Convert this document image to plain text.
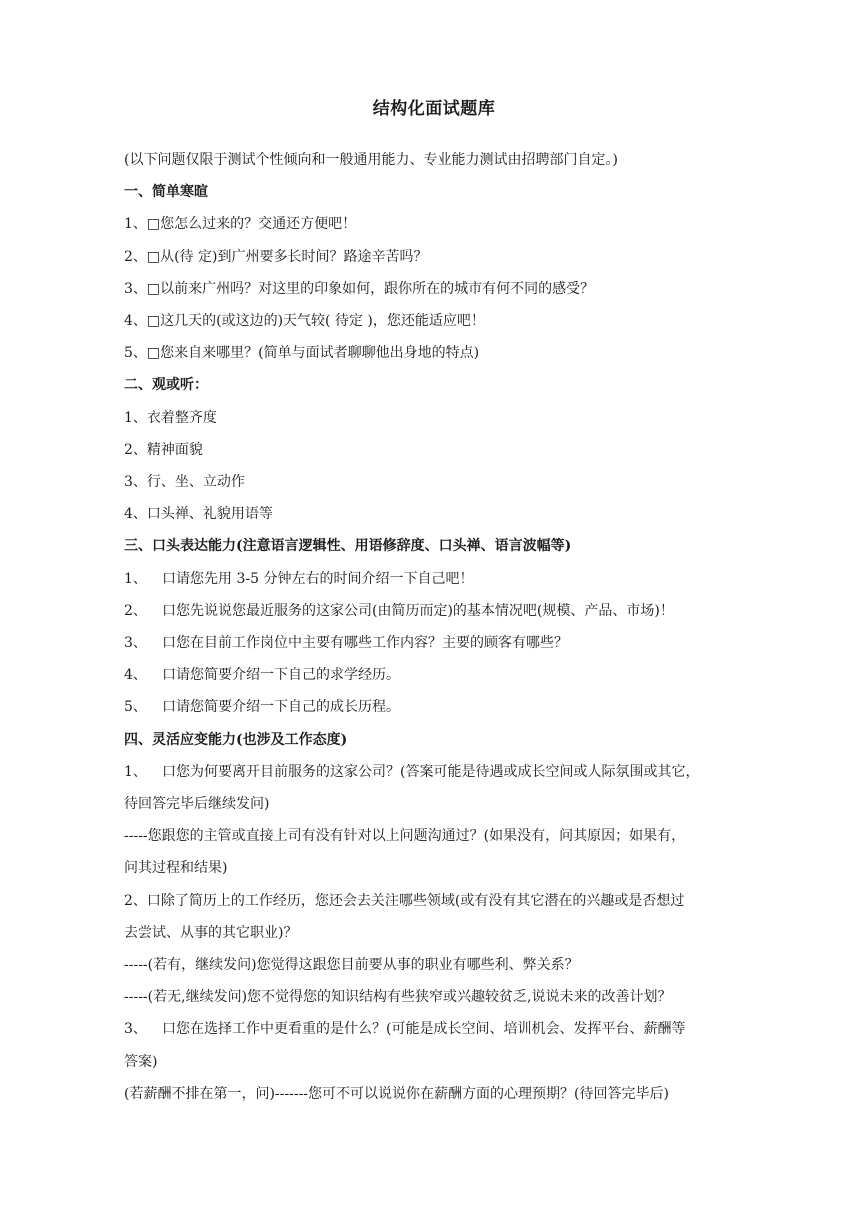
结构化面试题库
(以下问题仅限于测试个性倾向和一般通用能力、专业能力测试由招聘部门自定。)
一、简单寒暄
1、□您怎么过来的？交通还方便吧！
2、□从(待 定)到广州要多长时间？路途辛苦吗？
3、□以前来广州吗？对这里的印象如何，跟你所在的城市有何不同的感受？
4、□这几天的(或这边的)天气较( 待定 )，您还能适应吧！
5、□您来自来哪里？(简单与面试者聊聊他出身地的特点)
二、观或听：
1、衣着整齐度
2、精神面貌
3、行、坐、立动作
4、口头禅、礼貌用语等
三、口头表达能力(注意语言逻辑性、用语修辞度、口头禅、语言波幅等)
1、 口请您先用 3-5 分钟左右的时间介绍一下自己吧！
2、 口您先说说您最近服务的这家公司(由简历而定)的基本情况吧(规模、产品、市场)！
3、 口您在目前工作岗位中主要有哪些工作内容？主要的顾客有哪些？
4、 口请您简要介绍一下自己的求学经历。
5、 口请您简要介绍一下自己的成长历程。
四、灵活应变能力(也涉及工作态度)
1、 口您为何要离开目前服务的这家公司？(答案可能是待遇或成长空间或人际氛围或其它，
待回答完毕后继续发问)
-----您跟您的主管或直接上司有没有针对以上问题沟通过？(如果没有，问其原因；如果有，
问其过程和结果)
2、口除了简历上的工作经历，您还会去关注哪些领域(或有没有其它潜在的兴趣或是否想过
去尝试、从事的其它职业)？
-----(若有，继续发问)您觉得这跟您目前要从事的职业有哪些利、弊关系？
-----(若无,继续发问)您不觉得您的知识结构有些狭窄或兴趣较贫乏,说说未来的改善计划？
3、 口您在选择工作中更看重的是什么？(可能是成长空间、培训机会、发挥平台、薪酬等
答案)
(若薪酬不排在第一，问)-------您可不可以说说你在薪酬方面的心理预期？(待回答完毕后)
